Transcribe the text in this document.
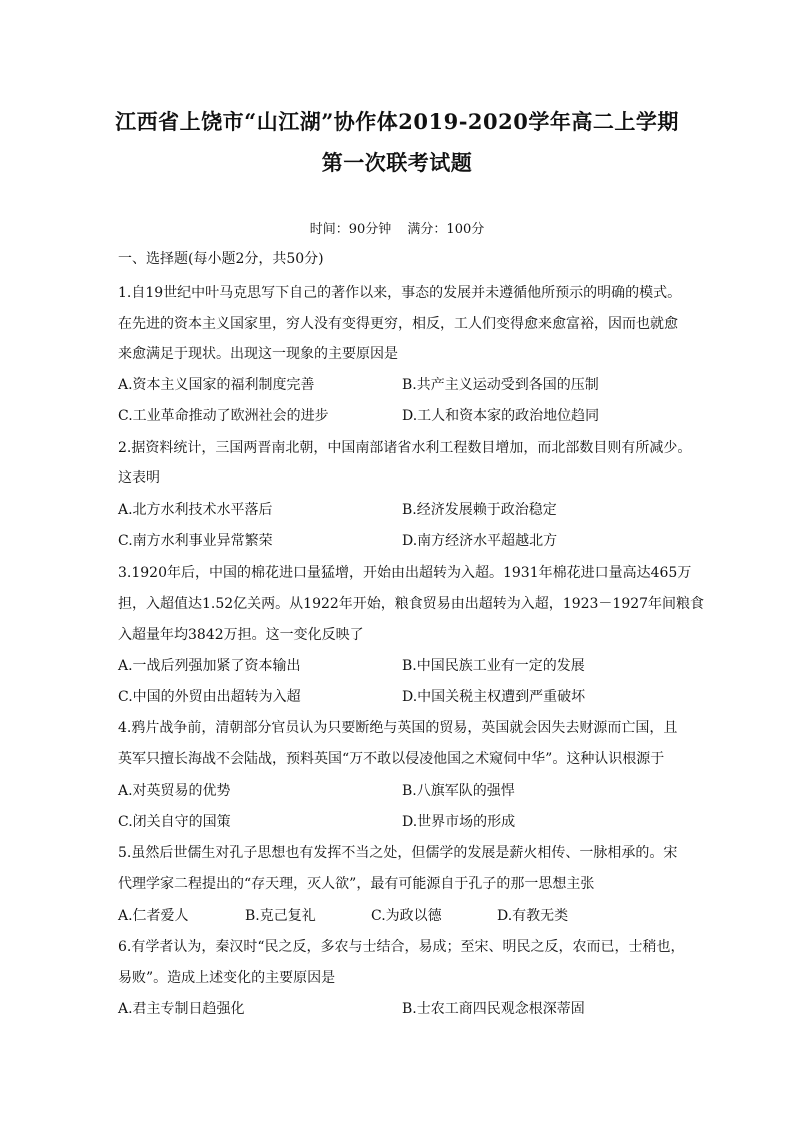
江西省上饶市“山江湖”协作体2019-2020学年高二上学期
第一次联考试题
时间：90分钟 满分：100分
一、选择题(每小题2分，共50分)
1.自19世纪中叶马克思写下自己的著作以来，事态的发展并未遵循他所预示的明确的模式。
在先进的资本主义国家里，穷人没有变得更穷，相反，工人们变得愈来愈富裕，因而也就愈
来愈满足于现状。出现这一现象的主要原因是
A.资本主义国家的福利制度完善	B.共产主义运动受到各国的压制
C.工业革命推动了欧洲社会的进步	D.工人和资本家的政治地位趋同
2.据资料统计，三国两晋南北朝，中国南部诸省水利工程数目增加，而北部数目则有所减少。
这表明
A.北方水利技术水平落后	B.经济发展赖于政治稳定
C.南方水利事业异常繁荣	D.南方经济水平超越北方
3.1920年后，中国的棉花进口量猛增，开始由出超转为入超。1931年棉花进口量高达465万
担，入超值达1.52亿关两。从1922年开始，粮食贸易由出超转为入超，1923－1927年间粮食
入超量年均3842万担。这一变化反映了
A.一战后列强加紧了资本输出	B.中国民族工业有一定的发展
C.中国的外贸由出超转为入超	D.中国关税主权遭到严重破坏
4.鸦片战争前，清朝部分官员认为只要断绝与英国的贸易，英国就会因失去财源而亡国，且
英军只擅长海战不会陆战，预料英国“万不敢以侵凌他国之术窥伺中华”。这种认识根源于
A.对英贸易的优势	B.八旗军队的强悍
C.闭关自守的国策	D.世界市场的形成
5.虽然后世儒生对孔子思想也有发挥不当之处，但儒学的发展是薪火相传、一脉相承的。宋
代理学家二程提出的“存天理，灭人欲”，最有可能源自于孔子的那一思想主张
A.仁者爱人	B.克己复礼	C.为政以德	D.有教无类
6.有学者认为，秦汉时“民之反，多农与士结合，易成；至宋、明民之反，农而已，士稍也，
易败”。造成上述变化的主要原因是
A.君主专制日趋强化	B.士农工商四民观念根深蒂固
